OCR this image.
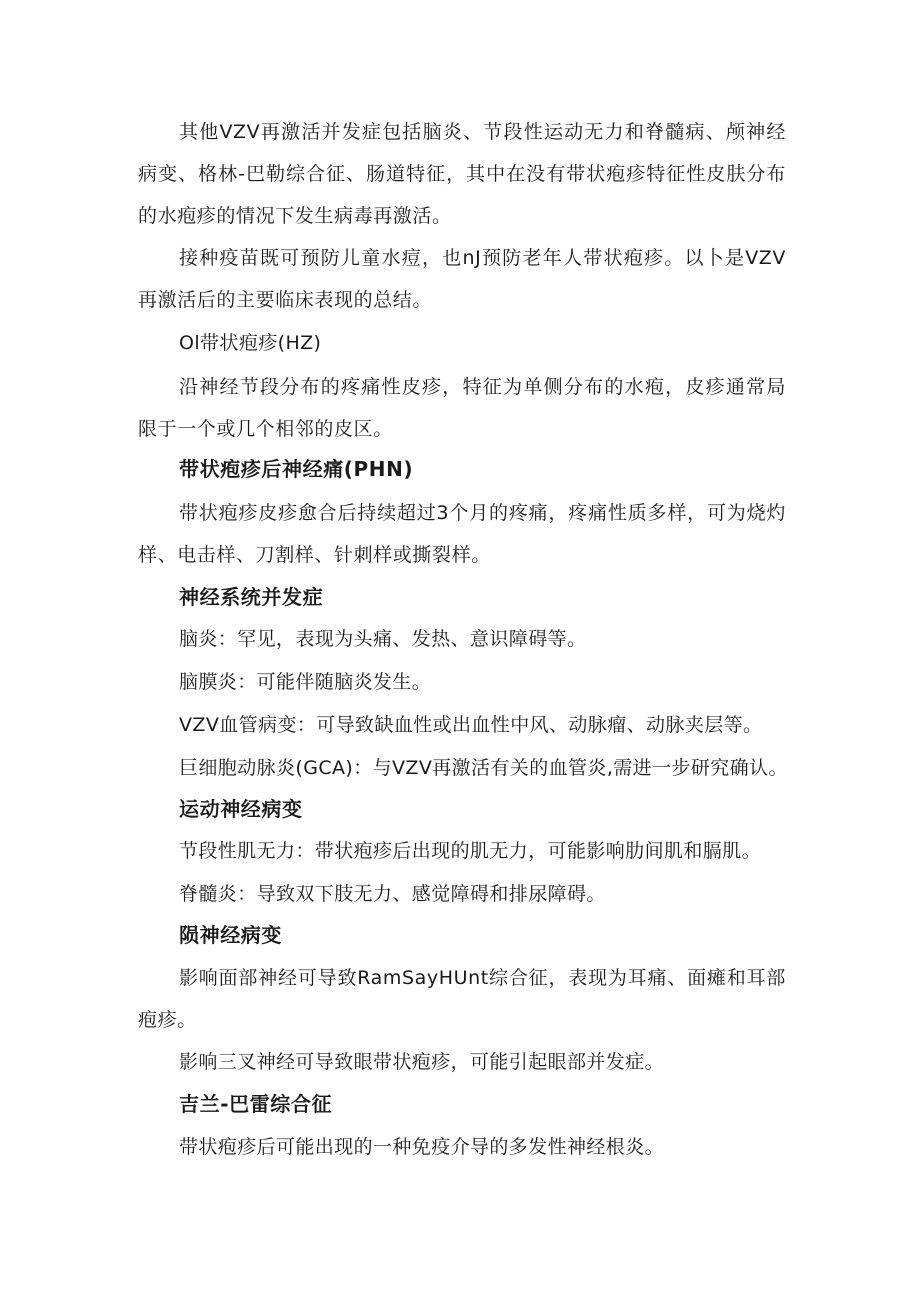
其他VZV再激活并发症包括脑炎、节段性运动无力和脊髓病、颅神经病变、格林-巴勒综合征、肠道特征，其中在没有带状疱疹特征性皮肤分布的水疱疹的情况下发生病毒再激活。

接种疫苗既可预防儿童水痘，也nJ预防老年人带状疱疹。以卜是VZV再激活后的主要临床表现的总结。

Ol带状疱疹(HZ)

沿神经节段分布的疼痛性皮疹，特征为单侧分布的水疱，皮疹通常局限于一个或几个相邻的皮区。

带状疱疹后神经痛(PHN)

带状疱疹皮疹愈合后持续超过3个月的疼痛，疼痛性质多样，可为烧灼样、电击样、刀割样、针刺样或撕裂样。

神经系统并发症

脑炎：罕见，表现为头痛、发热、意识障碍等。

脑膜炎：可能伴随脑炎发生。

VZV血管病变：可导致缺血性或出血性中风、动脉瘤、动脉夹层等。

巨细胞动脉炎(GCA)：与VZV再激活有关的血管炎,需进一步研究确认。

运动神经病变

节段性肌无力：带状疱疹后出现的肌无力，可能影响肋间肌和膈肌。

脊髓炎：导致双下肢无力、感觉障碍和排尿障碍。

陨神经病变

影响面部神经可导致RamSayHUnt综合征，表现为耳痛、面瘫和耳部疱疹。

影响三叉神经可导致眼带状疱疹，可能引起眼部并发症。

吉兰-巴雷综合征

带状疱疹后可能出现的一种免疫介导的多发性神经根炎。
